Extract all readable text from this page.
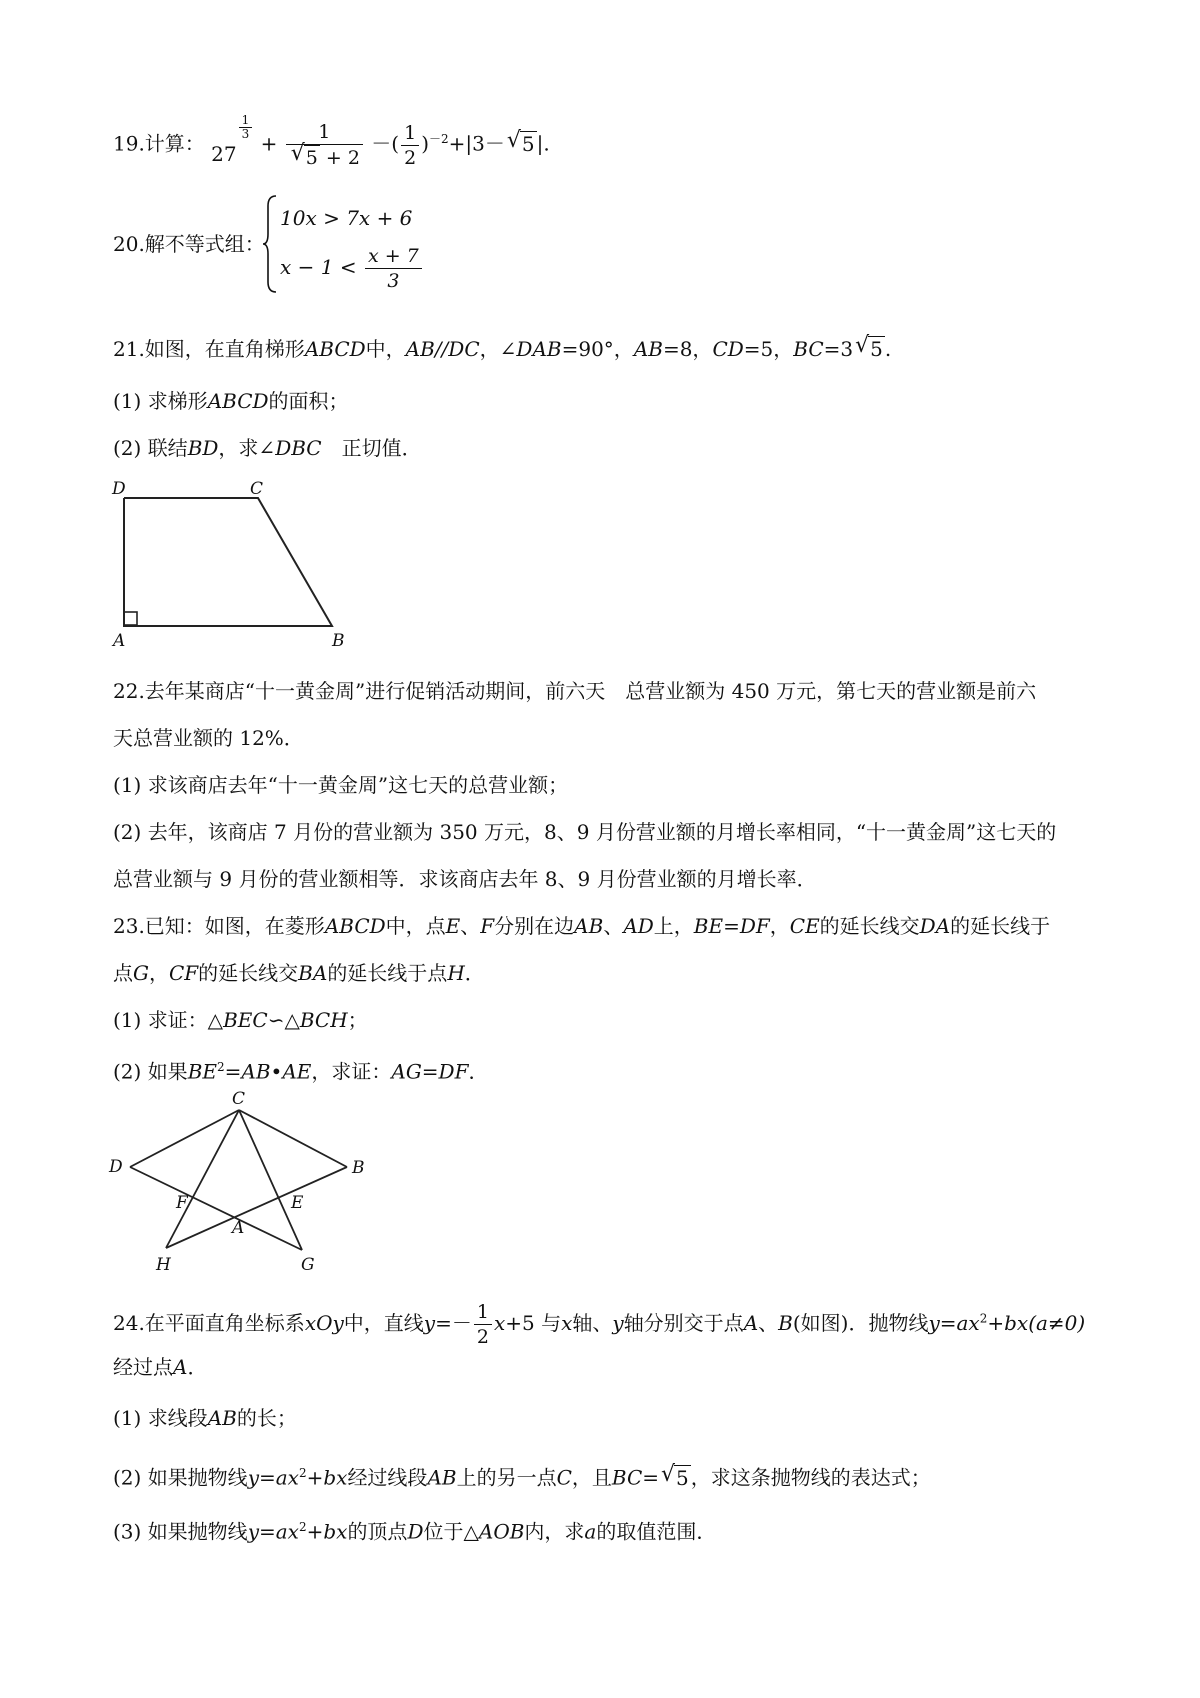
19.计算： 27
$\frac{1}{3}$
+ 1
√ 5 + 2 －( $\frac{1}{2} )^{-2}+|3-√$ 5 |.
20.解不等式组：
10x > 7x + 6
$x - 1 < \frac{x + 7}{3}$
21.如图，在直角梯形ABCD中，AB//DC，∠DAB=90°，AB=8，CD=5，BC=3√ 5 .
(1) 求梯形ABCD的面积；
(2) 联结BD，求∠DBC　 正切值．
D	C
A	B
22.去年某商店“十一黄金周”进行促销活动期间，前六天　总营业额为 450 万元，第七天的营业额是前六
天总营业额的 12%．
(1) 求该商店去年“十一黄金周”这七天的总营业额；
(2) 去年，该商店 7 月份的营业额为 350 万元，8、9 月份营业额的月增长率相同，“十一黄金周”这七天的
总营业额与 9 月份的营业额相等．求该商店去年 8、9 月份营业额的月增长率．
23.已知：如图，在菱形ABCD中，点E、F分别在边AB、AD上，BE=DF，CE的延长线交DA的延长线于
点G，CF的延长线交BA的延长线于点H．
(1) 求证：△BEC∽△BCH；
(2) 如果$BE^2=AB•AE$，求证：AG=DF．
C
D	B
F	E
A
H	G
24.在平面直角坐标系xOy中，直线$y=- \frac{1}{2} x+5$ 与x轴、y轴分别交于点A、B(如图)．抛物线$y=ax^2+bx(a\ne 0)$
经过点A．
(1) 求线段AB的长；
(2) 如果抛物线$y=ax^2+bx$经过线段AB上的另一点C，且BC=√ 5 ，求这条抛物线的表达式；
(3) 如果抛物线$y=ax^2+bx$的顶点D位于△AOB内，求a的取值范围．
